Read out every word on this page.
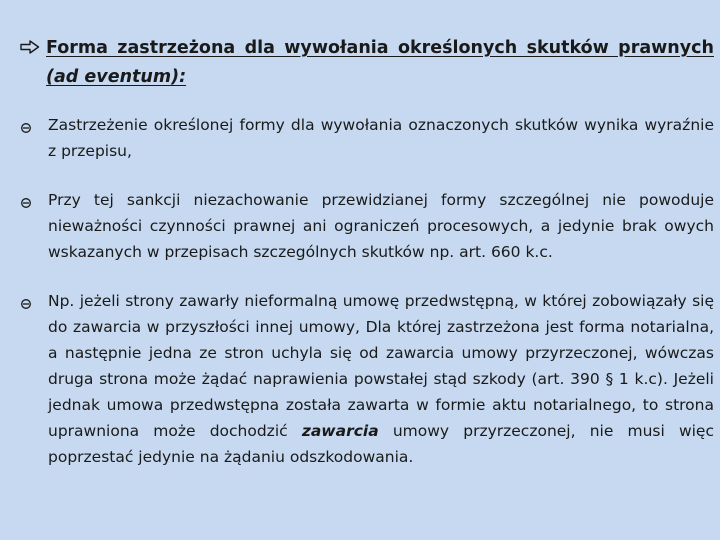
Forma zastrzeżona dla wywołania określonych skutków prawnych (ad eventum):
Zastrzeżenie określonej formy dla wywołania oznaczonych skutków wynika wyraźnie z przepisu,
Przy tej sankcji niezachowanie przewidzianej formy szczególnej nie powoduje nieważności czynności prawnej ani ograniczeń procesowych, a jedynie brak owych wskazanych w przepisach szczególnych skutków np. art. 660 k.c.
Np. jeżeli strony zawarły nieformalną umowę przedwstępną, w której zobowiązały się do zawarcia w przyszłości innej umowy, Dla której zastrzeżona jest forma notarialna, a następnie jedna ze stron uchyla się od zawarcia umowy przyrzeczonej, wówczas druga strona może żądać naprawienia powstałej stąd szkody (art. 390 § 1 k.c). Jeżeli jednak umowa przedwstępna została zawarta w formie aktu notarialnego, to strona uprawniona może dochodzić zawarcia umowy przyrzeczonej, nie musi więc poprzestać jedynie na żądaniu odszkodowania.
